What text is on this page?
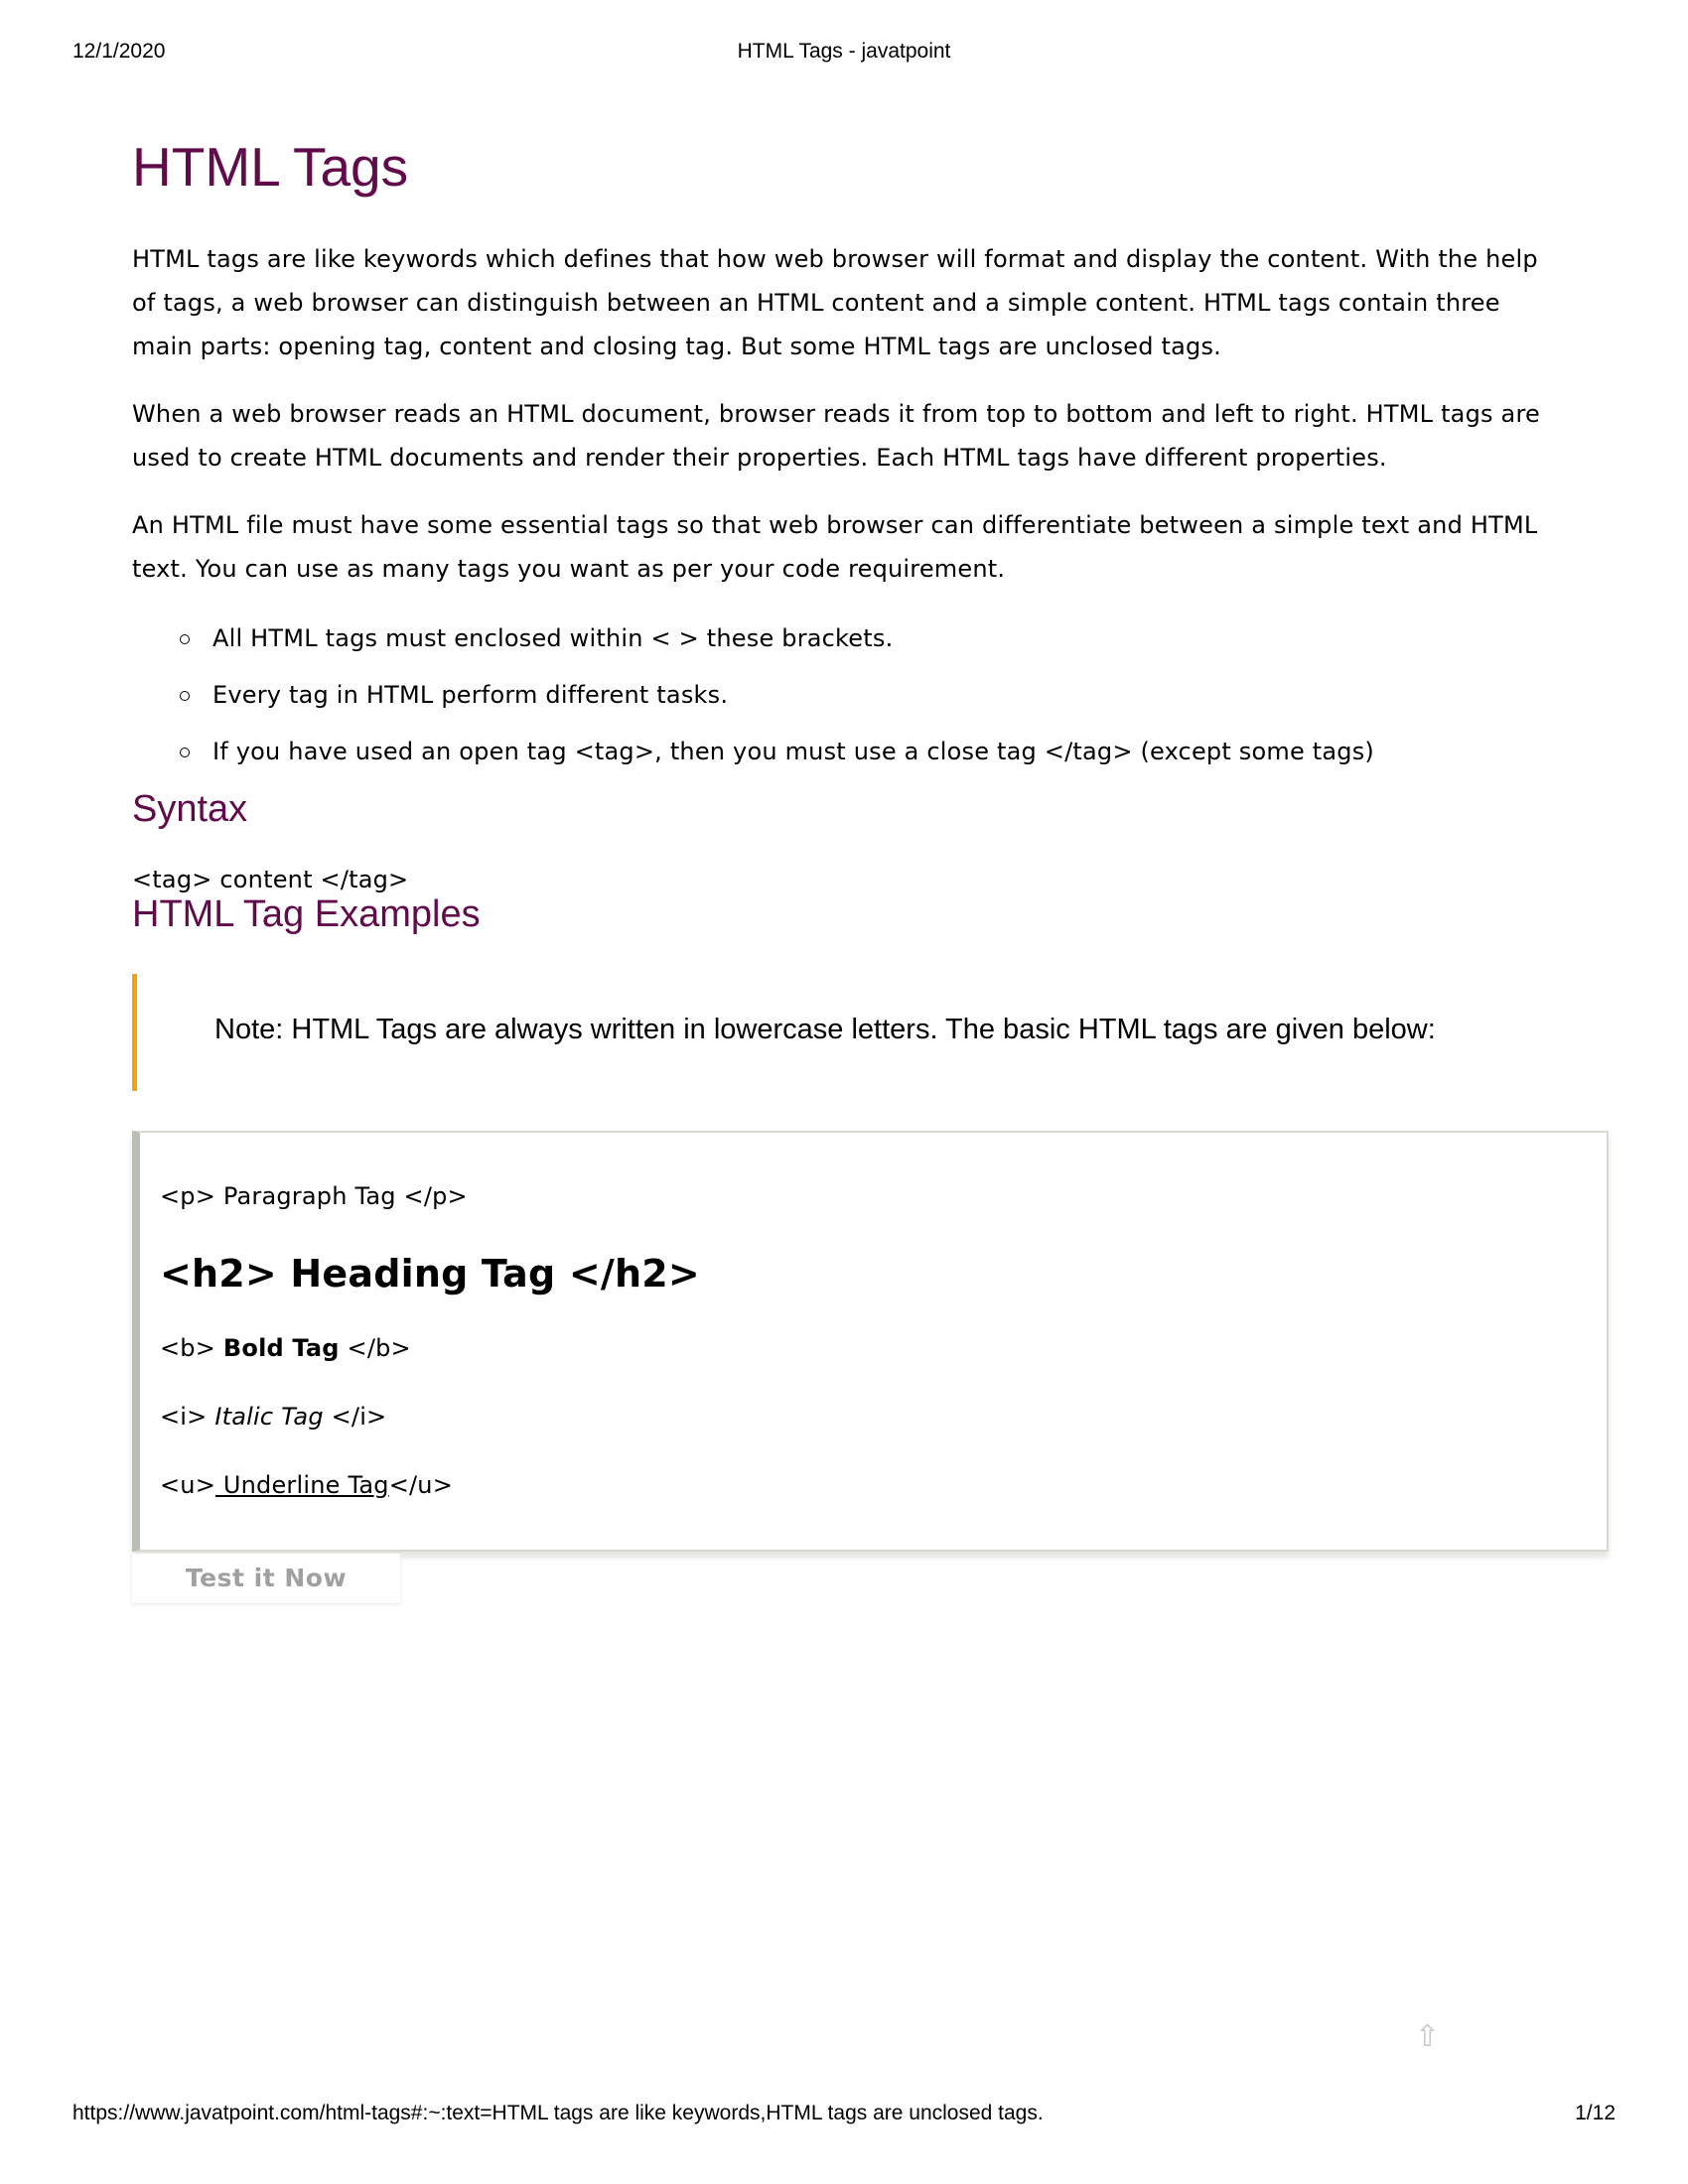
12/1/2020	HTML Tags - javatpoint
HTML Tags

HTML tags are like keywords which defines that how web browser will format and display the content. With the help of tags, a web browser can distinguish between an HTML content and a simple content. HTML tags contain three main parts: opening tag, content and closing tag. But some HTML tags are unclosed tags.

When a web browser reads an HTML document, browser reads it from top to bottom and left to right. HTML tags are used to create HTML documents and render their properties. Each HTML tags have different properties.

An HTML file must have some essential tags so that web browser can differentiate between a simple text and HTML text. You can use as many tags you want as per your code requirement.

All HTML tags must enclosed within < > these brackets.
Every tag in HTML perform different tasks.
If you have used an open tag <tag>, then you must use a close tag </tag> (except some tags)
Syntax
<tag> content </tag>
HTML Tag Examples
Note: HTML Tags are always written in lowercase letters. The basic HTML tags are given below:
<p> Paragraph Tag </p>
<h2> Heading Tag </h2>
<b> Bold Tag </b>
<i> Italic Tag </i>
<u> Underline Tag</u>
Test it Now
⇧
https://www.javatpoint.com/html-tags#:~:text=HTML tags are like keywords,HTML tags are unclosed tags.	1/12
